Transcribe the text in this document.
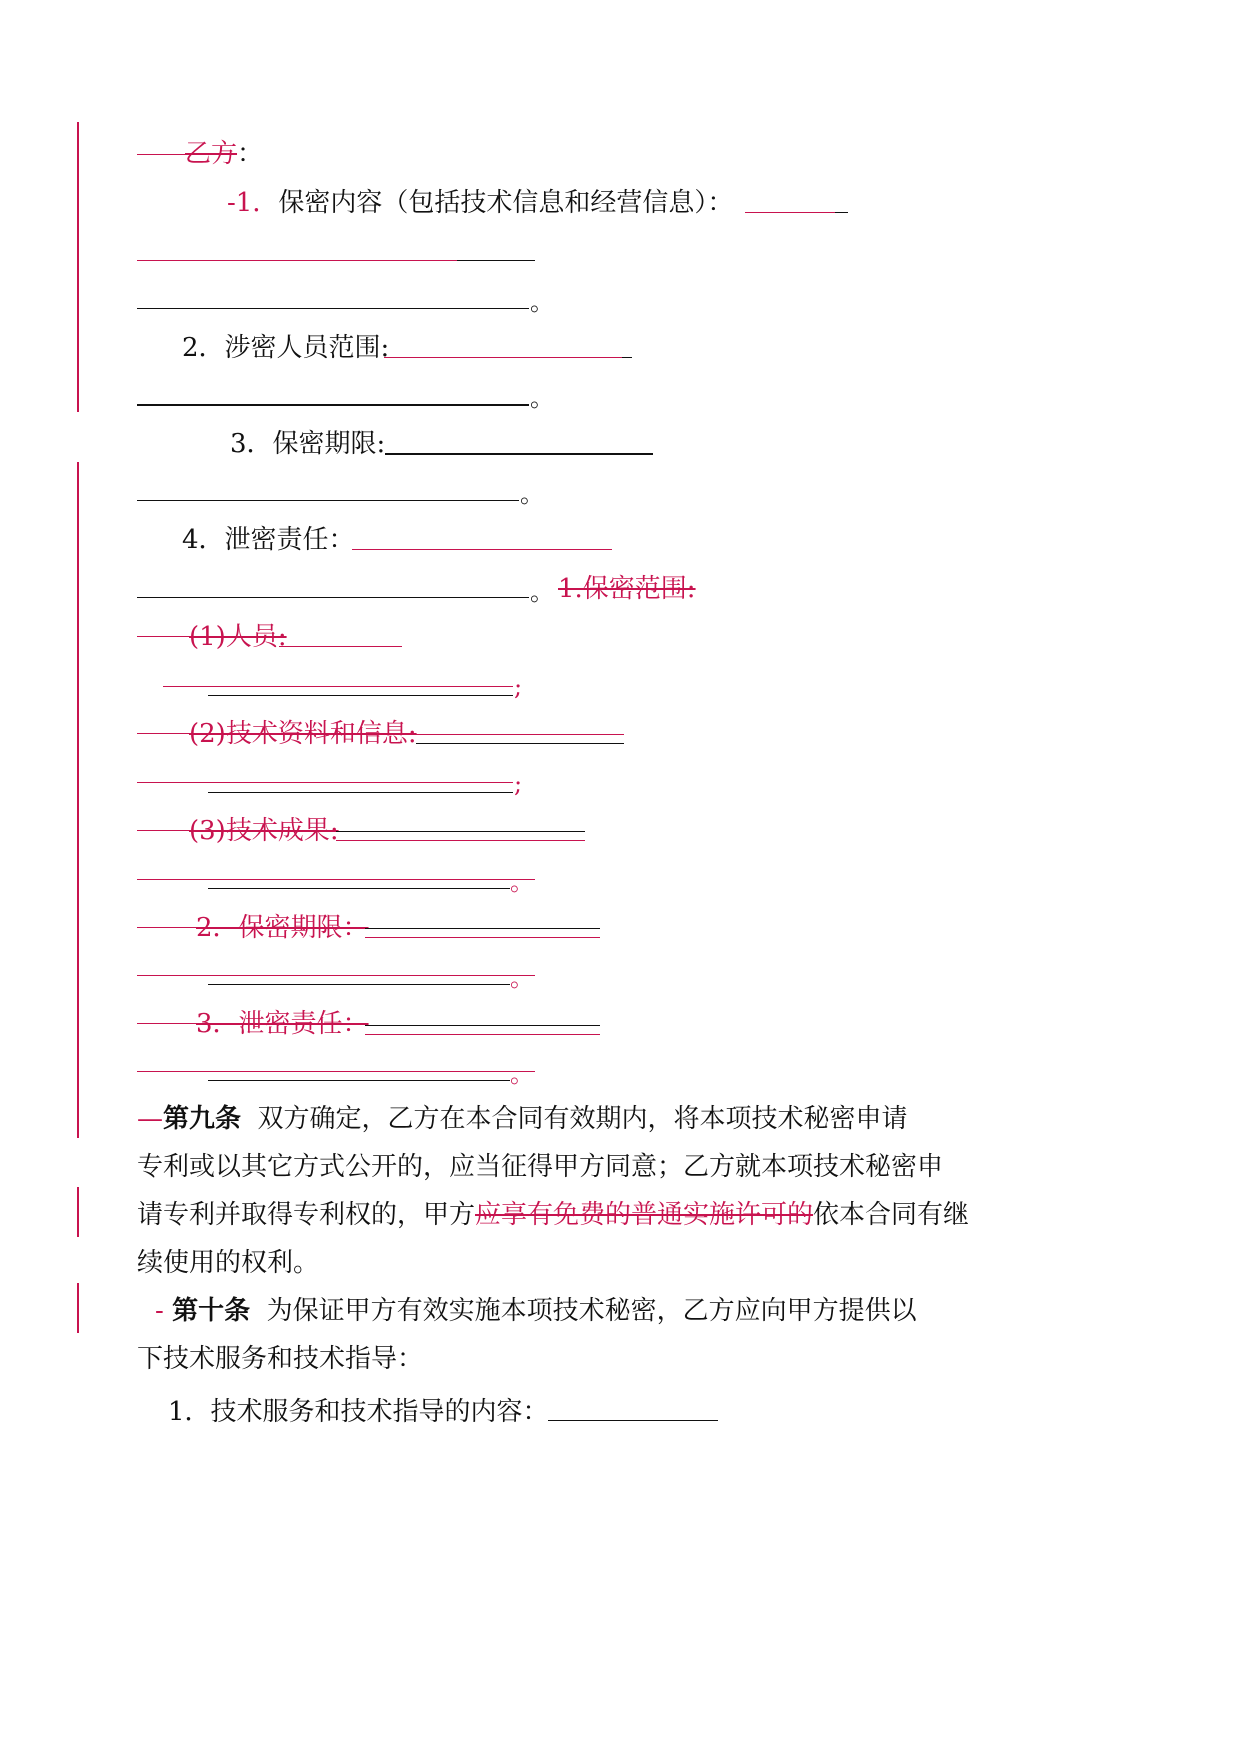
乙方：
-1．保密内容（包括技术信息和经营信息）：
。
2．涉密人员范围:
。
3．保密期限:
。
4．泄密责任：
。 1.保密范围:
(1)人员:
;
(2)技术资料和信息:
;
(3)技术成果:
。
2．保密期限：
。
3．泄密责任：
。
—第九条 双方确定，乙方在本合同有效期内，将本项技术秘密申请
专利或以其它方式公开的，应当征得甲方同意；乙方就本项技术秘密申
请专利并取得专利权的，甲方应享有免费的普通实施许可的依本合同有继
续使用的权利。
- 第十条 为保证甲方有效实施本项技术秘密，乙方应向甲方提供以
下技术服务和技术指导：
1．技术服务和技术指导的内容：
